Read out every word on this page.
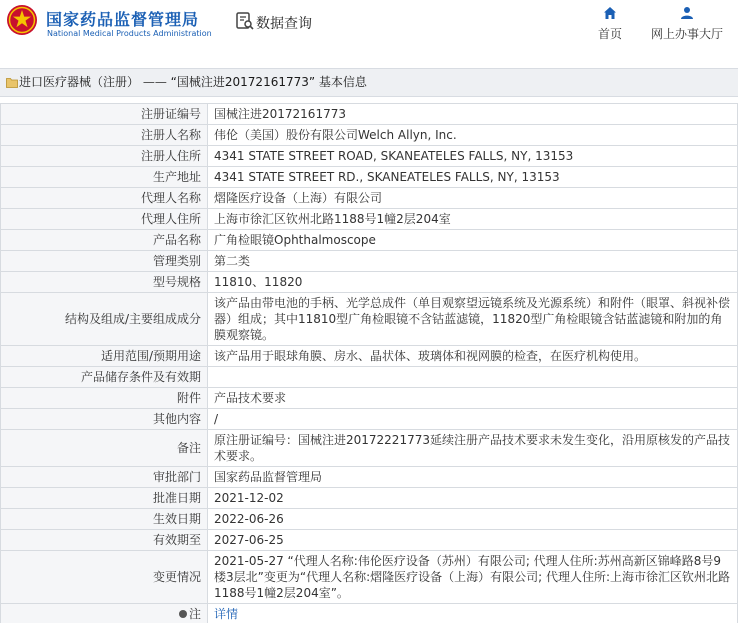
国家药品监督管理局
National Medical Products Administration
数据查询
首页 网上办事大厅
进口医疗器械（注册） —— “国械注进20172161773” 基本信息
注册证编号	国械注进20172161773
注册人名称	伟伦（美国）股份有限公司Welch Allyn, Inc.
注册人住所	4341 STATE STREET ROAD, SKANEATELES FALLS, NY, 13153
生产地址	4341 STATE STREET RD., SKANEATELES FALLS, NY, 13153
代理人名称	熠隆医疗设备（上海）有限公司
代理人住所	上海市徐汇区钦州北路1188号1幢2层204室
产品名称	广角检眼镜Ophthalmoscope
管理类别	第二类
型号规格	11810、11820
结构及组成/主要组成成分	该产品由带电池的手柄、光学总成件（单目观察望远镜系统及光源系统）和附件（眼罩、斜视补偿器）组成；其中11810型广角检眼镜不含钴蓝滤镜，11820型广角检眼镜含钴蓝滤镜和附加的角膜观察镜。
适用范围/预期用途	该产品用于眼球角膜、房水、晶状体、玻璃体和视网膜的检查，在医疗机构使用。
产品储存条件及有效期	
附件	产品技术要求
其他内容	/
备注	原注册证编号：国械注进20172221773延续注册产品技术要求未发生变化，沿用原核发的产品技术要求。
审批部门	国家药品监督管理局
批准日期	2021-12-02
生效日期	2022-06-26
有效期至	2027-06-25
变更情况	2021-05-27 “代理人名称:伟伦医疗设备（苏州）有限公司; 代理人住所:苏州高新区锦峰路8号9楼3层北”变更为“代理人名称:熠隆医疗设备（上海）有限公司; 代理人住所:上海市徐汇区钦州北路1188号1幢2层204室”。
注	详情
